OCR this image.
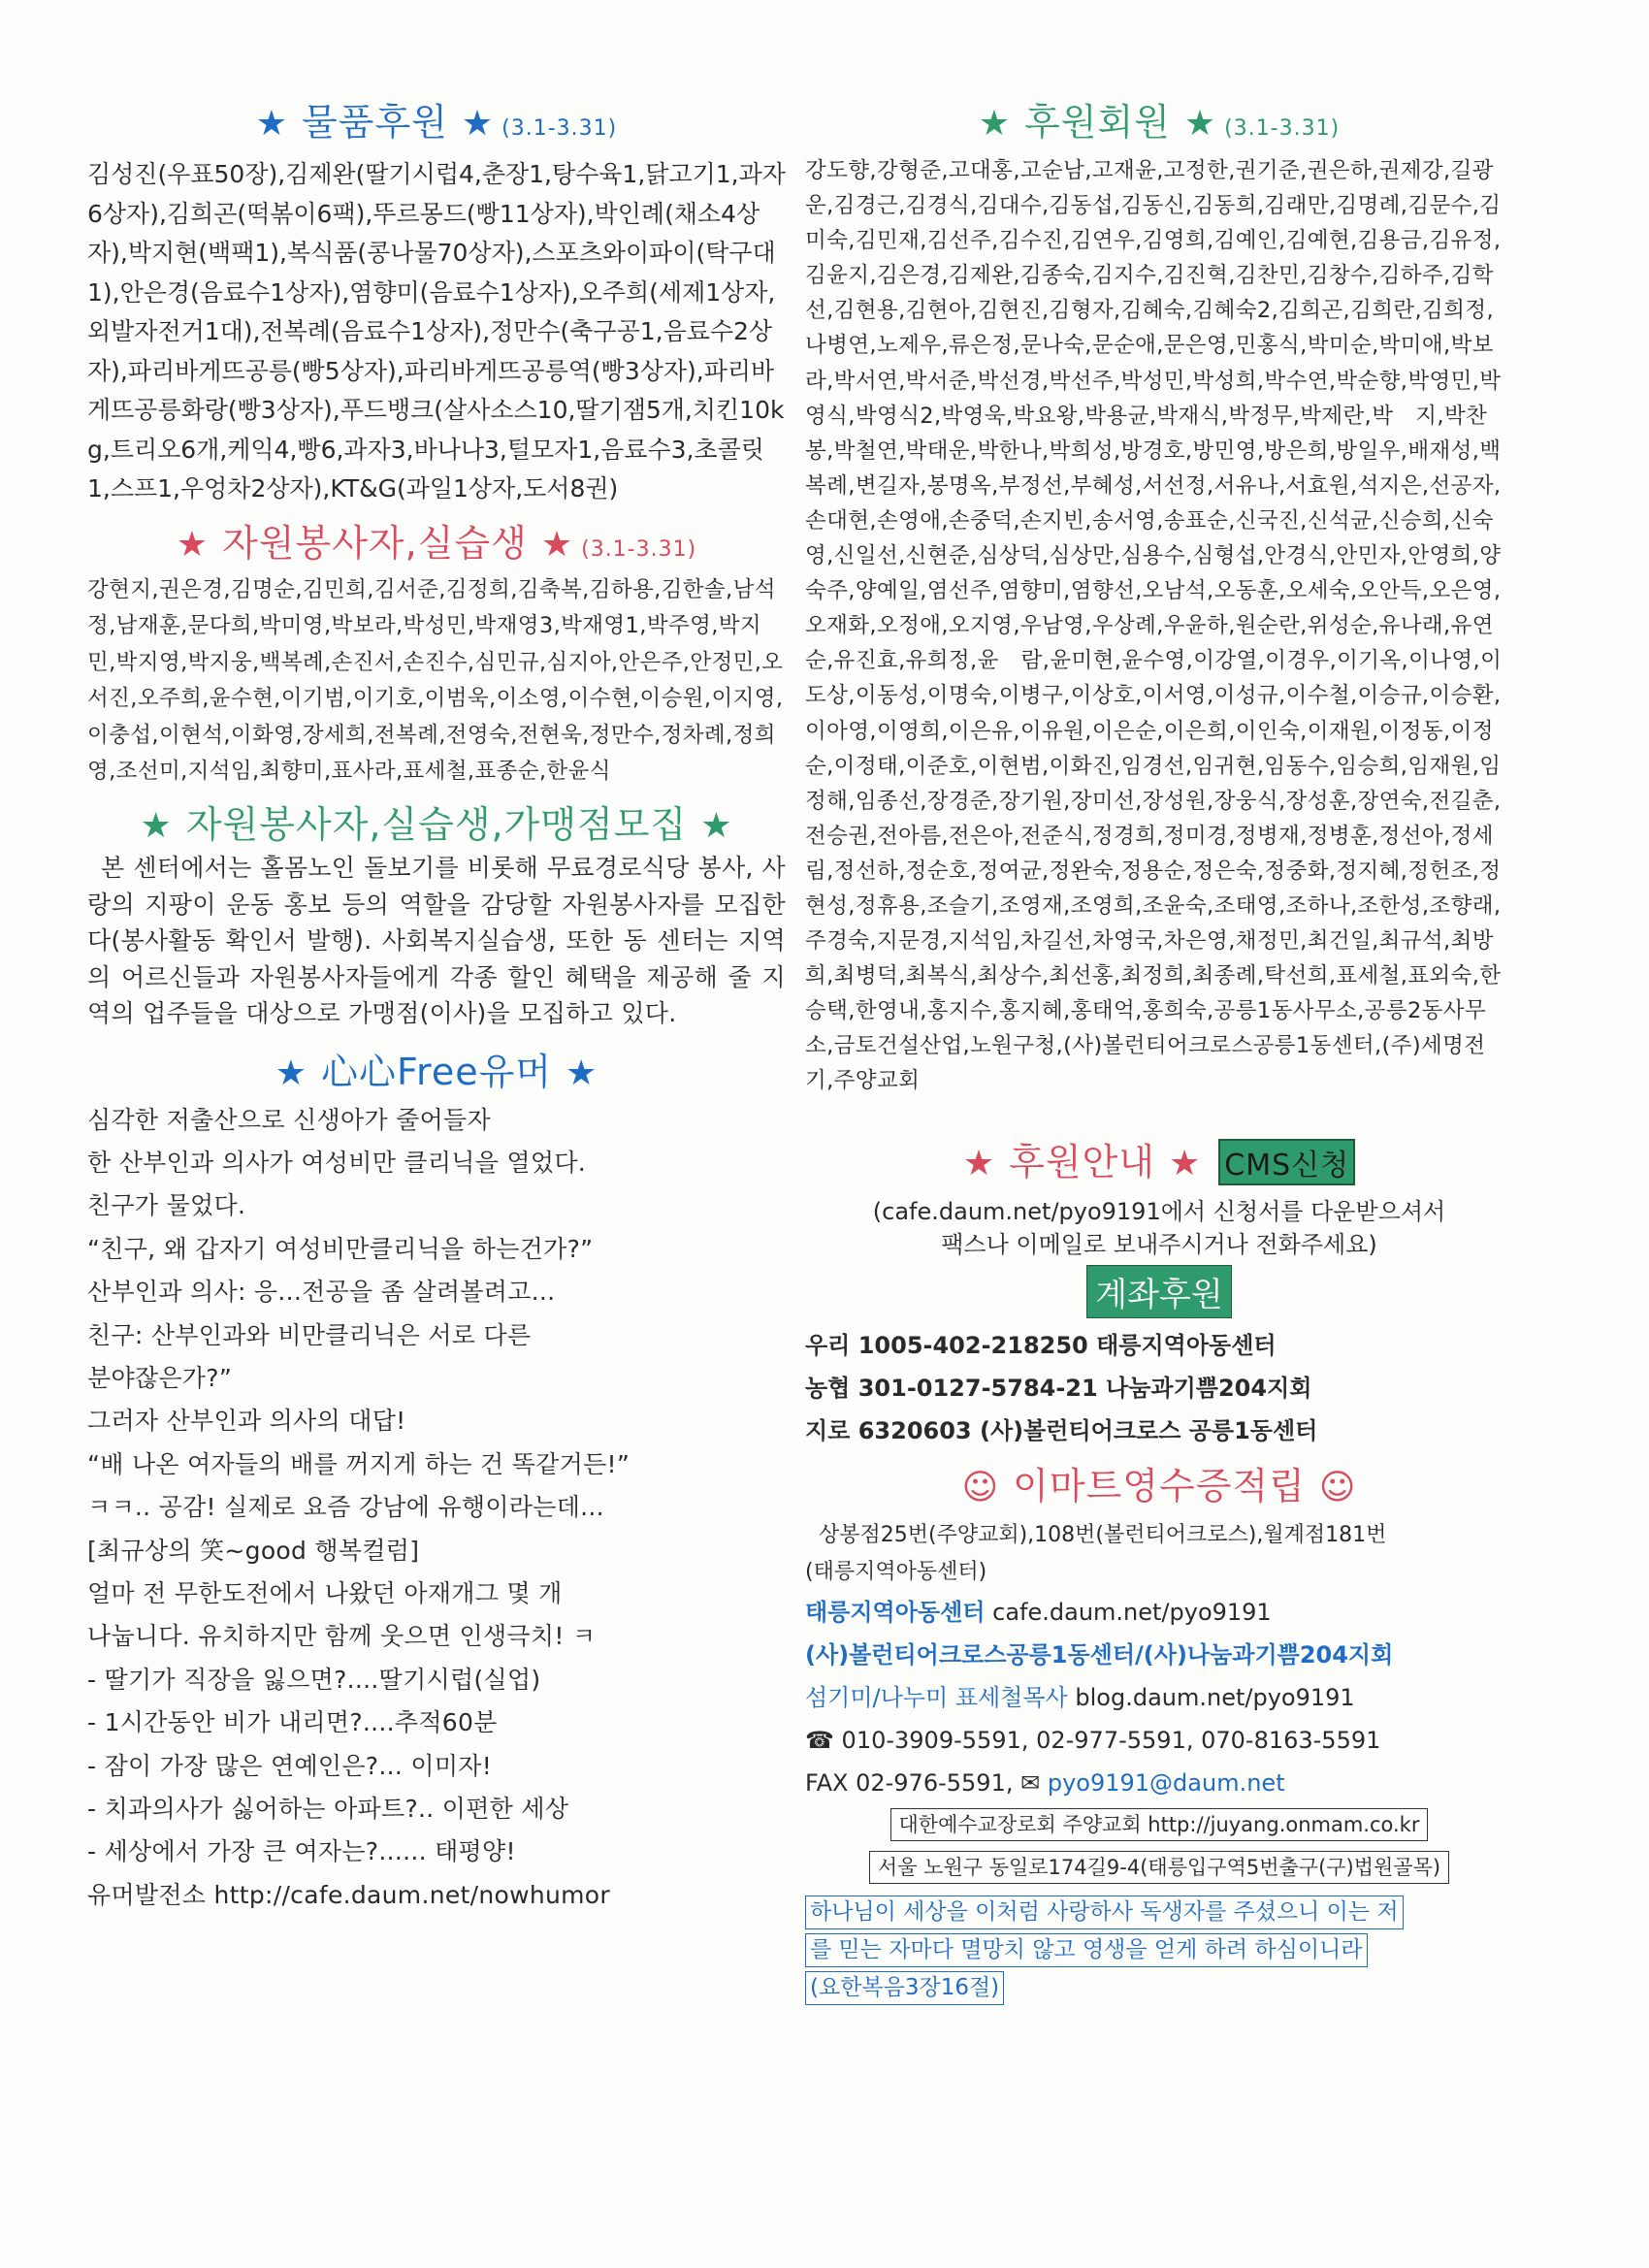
★ 물품후원 ★ (3.1-3.31)

김성진(우표50장),김제완(딸기시럽4,춘장1,탕수육1,닭고기1,과자6상자),김희곤(떡볶이6팩),뚜르몽드(빵11상자),박인례(채소4상자),박지현(백팩1),복식품(콩나물70상자),스포츠와이파이(탁구대1),안은경(음료수1상자),염향미(음료수1상자),오주희(세제1상자,외발자전거1대),전복례(음료수1상자),정만수(축구공1,음료수2상자),파리바게뜨공릉(빵5상자),파리바게뜨공릉역(빵3상자),파리바게뜨공릉화랑(빵3상자),푸드뱅크(살사소스10,딸기잼5개,치킨10kg,트리오6개,케익4,빵6,과자3,바나나3,털모자1,음료수3,초콜릿1,스프1,우엉차2상자),KT&G(과일1상자,도서8권)

★ 자원봉사자,실습생 ★ (3.1-3.31)

강현지,권은경,김명순,김민희,김서준,김정희,김축복,김하용,김한솔,남석정,남재훈,문다희,박미영,박보라,박성민,박재영3,박재영1,박주영,박지민,박지영,박지웅,백복례,손진서,손진수,심민규,심지아,안은주,안정민,오서진,오주희,윤수현,이기범,이기호,이범욱,이소영,이수현,이승원,이지영,이충섭,이현석,이화영,장세희,전복례,전영숙,전현욱,정만수,정차례,정희영,조선미,지석임,최향미,표사라,표세철,표종순,한윤식

★ 자원봉사자,실습생,가맹점모집 ★

본 센터에서는 홀몸노인 돌보기를 비롯해 무료경로식당 봉사, 사랑의 지팡이 운동 홍보 등의 역할을 감당할 자원봉사자를 모집한다(봉사활동 확인서 발행). 사회복지실습생, 또한 동 센터는 지역의 어르신들과 자원봉사자들에게 각종 할인 혜택을 제공해 줄 지역의 업주들을 대상으로 가맹점(이사)을 모집하고 있다.

★ 心心Free유머 ★
심각한 저출산으로 신생아가 줄어들자
한 산부인과 의사가 여성비만 클리닉을 열었다.
친구가 물었다.
“친구, 왜 갑자기 여성비만클리닉을 하는건가?”
산부인과 의사: 응...전공을 좀 살려볼려고...
친구: 산부인과와 비만클리닉은 서로 다른
분야잖은가?”
그러자 산부인과 의사의 대답!
“배 나온 여자들의 배를 꺼지게 하는 건 똑같거든!”
ㅋㅋ.. 공감! 실제로 요즘 강남에 유행이라는데...
[최규상의 笑~good 행복컬럼]
얼마 전 무한도전에서 나왔던 아재개그 몇 개
나눕니다. 유치하지만 함께 웃으면 인생극치! ㅋ
- 딸기가 직장을 잃으면?....딸기시럽(실업)
- 1시간동안 비가 내리면?....추적60분
- 잠이 가장 많은 연예인은?... 이미자!
- 치과의사가 싫어하는 아파트?.. 이편한 세상
- 세상에서 가장 큰 여자는?...... 태평양!
유머발전소 http://cafe.daum.net/nowhumor
★ 후원회원 ★ (3.1-3.31)

강도향,강형준,고대홍,고순남,고재윤,고정한,권기준,권은하,권제강,길광운,김경근,김경식,김대수,김동섭,김동신,김동희,김래만,김명례,김문수,김미숙,김민재,김선주,김수진,김연우,김영희,김예인,김예현,김용금,김유정,김윤지,김은경,김제완,김종숙,김지수,김진혁,김찬민,김창수,김하주,김학선,김현용,김현아,김현진,김형자,김혜숙,김혜숙2,김희곤,김희란,김희정,나병연,노제우,류은정,문나숙,문순애,문은영,민홍식,박미순,박미애,박보라,박서연,박서준,박선경,박선주,박성민,박성희,박수연,박순향,박영민,박영식,박영식2,박영욱,박요왕,박용균,박재식,박정무,박제란,박　지,박찬봉,박철연,박태운,박한나,박희성,방경호,방민영,방은희,방일우,배재성,백복례,변길자,봉명옥,부정선,부혜성,서선정,서유나,서효원,석지은,선공자,손대현,손영애,손중덕,손지빈,송서영,송표순,신국진,신석균,신승희,신숙영,신일선,신현준,심상덕,심상만,심용수,심형섭,안경식,안민자,안영희,양숙주,양예일,염선주,염향미,염향선,오남석,오동훈,오세숙,오안득,오은영,오재화,오정애,오지영,우남영,우상례,우윤하,원순란,위성순,유나래,유연순,유진효,유희정,윤　람,윤미현,윤수영,이강열,이경우,이기옥,이나영,이도상,이동성,이명숙,이병구,이상호,이서영,이성규,이수철,이승규,이승환,이아영,이영희,이은유,이유원,이은순,이은희,이인숙,이재원,이정동,이정순,이정태,이준호,이현범,이화진,임경선,임귀현,임동수,임승희,임재원,임정해,임종선,장경준,장기원,장미선,장성원,장웅식,장성훈,장연숙,전길춘,전승권,전아름,전은아,전준식,정경희,정미경,정병재,정병훈,정선아,정세림,정선하,정순호,정여균,정완숙,정용순,정은숙,정중화,정지혜,정헌조,정현성,정휴용,조슬기,조영재,조영희,조윤숙,조태영,조하나,조한성,조향래,주경숙,지문경,지석임,차길선,차영국,차은영,채정민,최건일,최규석,최방희,최병덕,최복식,최상수,최선홍,최정희,최종례,탁선희,표세철,표외숙,한승택,한영내,홍지수,홍지혜,홍태억,홍희숙,공릉1동사무소,공릉2동사무소,금토건설산업,노원구청,(사)볼런티어크로스공릉1동센터,(주)세명전기,주양교회

★ 후원안내 ★ CMS신청
(cafe.daum.net/pyo9191에서 신청서를 다운받으셔서
팩스나 이메일로 보내주시거나 전화주세요)
계좌후원
우리 1005-402-218250 태릉지역아동센터
농협 301-0127-5784-21 나눔과기쁨204지회
지로 6320603 (사)볼런티어크로스 공릉1동센터
☺ 이마트영수증적립 ☺
상봉점25번(주양교회),108번(볼런티어크로스),월계점181번
(태릉지역아동센터)
태릉지역아동센터 cafe.daum.net/pyo9191
(사)볼런티어크로스공릉1동센터/(사)나눔과기쁨204지회
섬기미/나누미 표세철목사 blog.daum.net/pyo9191
☎ 010-3909-5591, 02-977-5591, 070-8163-5591
FAX 02-976-5591, ✉ pyo9191@daum.net
대한예수교장로회 주양교회 http://juyang.onmam.co.kr
서울 노원구 동일로174길9-4(태릉입구역5번출구(구)법원골목)
하나님이 세상을 이처럼 사랑하사 독생자를 주셨으니 이는 저
를 믿는 자마다 멸망치 않고 영생을 얻게 하려 하심이니라
(요한복음3장16절)
